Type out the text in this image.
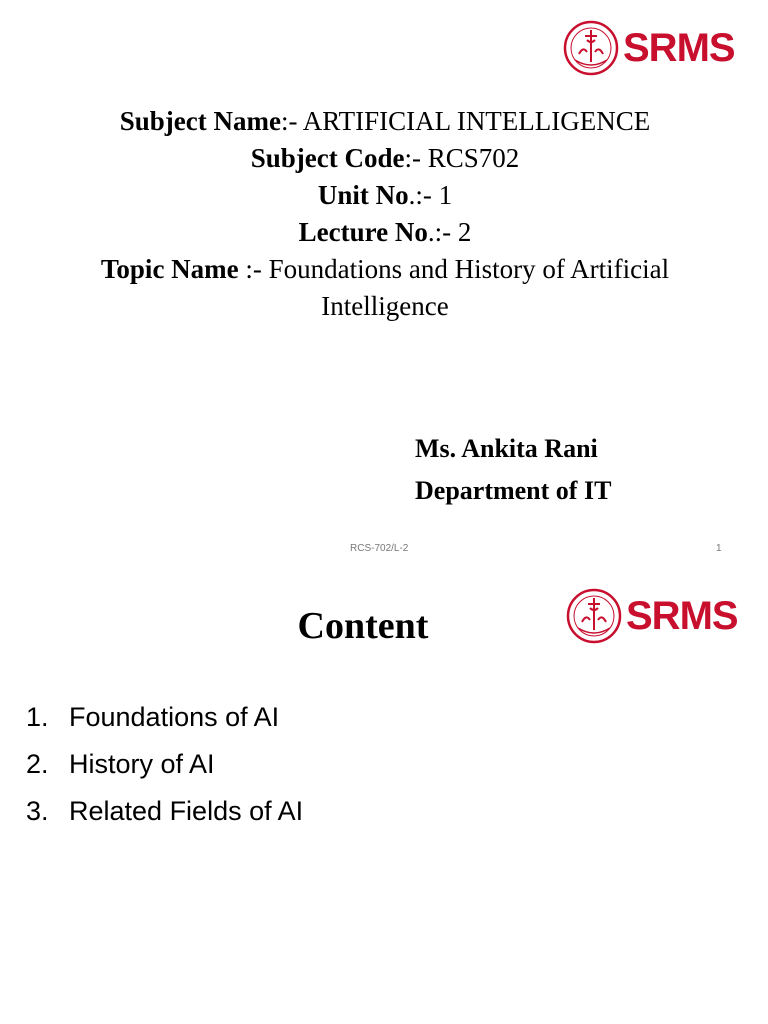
SRMS
Subject Name:- ARTIFICIAL INTELLIGENCE
Subject Code:- RCS702
Unit No.:- 1
Lecture No.:- 2
Topic Name :- Foundations and History of Artificial
Intelligence
Ms. Ankita Rani
Department of IT
RCS-702/L-2	1
SRMS
Content
1. Foundations of AI
2. History of AI
3. Related Fields of AI
